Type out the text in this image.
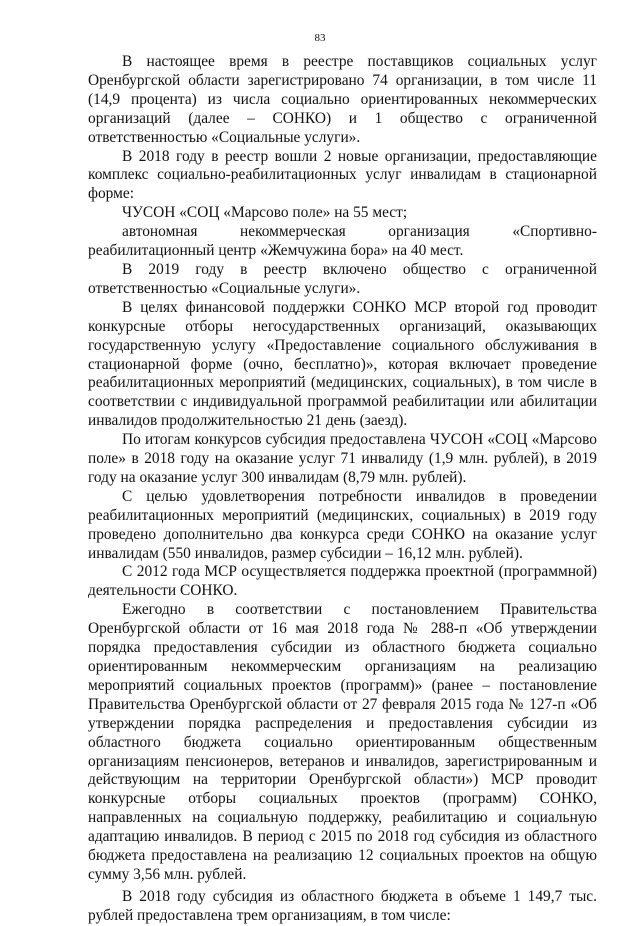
83

В настоящее время в реестре поставщиков социальных услуг Оренбургской области зарегистрировано 74 организации, в том числе 11 (14,9 процента) из числа социально ориентированных некоммерческих организаций (далее – СОНКО) и 1 общество с ограниченной ответственностью «Социальные услуги».

В 2018 году в реестр вошли 2 новые организации, предоставляющие комплекс социально-реабилитационных услуг инвалидам в стационарной форме:

ЧУСОН «СОЦ «Марсово поле» на 55 мест;

автономная некоммерческая организация «Спортивно-реабилитационный центр «Жемчужина бора» на 40 мест.

В 2019 году в реестр включено общество с ограниченной ответственностью «Социальные услуги».

В целях финансовой поддержки СОНКО МСР второй год проводит конкурсные отборы негосударственных организаций, оказывающих государственную услугу «Предоставление социального обслуживания в стационарной форме (очно, бесплатно)», которая включает проведение реабилитационных мероприятий (медицинских, социальных), в том числе в соответствии с индивидуальной программой реабилитации или абилитации инвалидов продолжительностью 21 день (заезд).

По итогам конкурсов субсидия предоставлена ЧУСОН «СОЦ «Марсово поле» в 2018 году на оказание услуг 71 инвалиду (1,9 млн. рублей), в 2019 году на оказание услуг 300 инвалидам (8,79 млн. рублей).

С целью удовлетворения потребности инвалидов в проведении реабилитационных мероприятий (медицинских, социальных) в 2019 году проведено дополнительно два конкурса среди СОНКО на оказание услуг инвалидам (550 инвалидов, размер субсидии – 16,12 млн. рублей).

С 2012 года МСР осуществляется поддержка проектной (программной) деятельности СОНКО.

Ежегодно в соответствии с постановлением Правительства Оренбургской области от 16 мая 2018 года № 288-п «Об утверждении порядка предоставления субсидии из областного бюджета социально ориентированным некоммерческим организациям на реализацию мероприятий социальных проектов (программ)» (ранее – постановление Правительства Оренбургской области от 27 февраля 2015 года № 127-п «Об утверждении порядка распределения и предоставления субсидии из областного бюджета социально ориентированным общественным организациям пенсионеров, ветеранов и инвалидов, зарегистрированным и действующим на территории Оренбургской области») МСР проводит конкурсные отборы социальных проектов (программ) СОНКО, направленных на социальную поддержку, реабилитацию и социальную адаптацию инвалидов. В период с 2015 по 2018 год субсидия из областного бюджета предоставлена на реализацию 12 социальных проектов на общую сумму 3,56 млн. рублей.

В 2018 году субсидия из областного бюджета в объеме 1 149,7 тыс. рублей предоставлена трем организациям, в том числе:
